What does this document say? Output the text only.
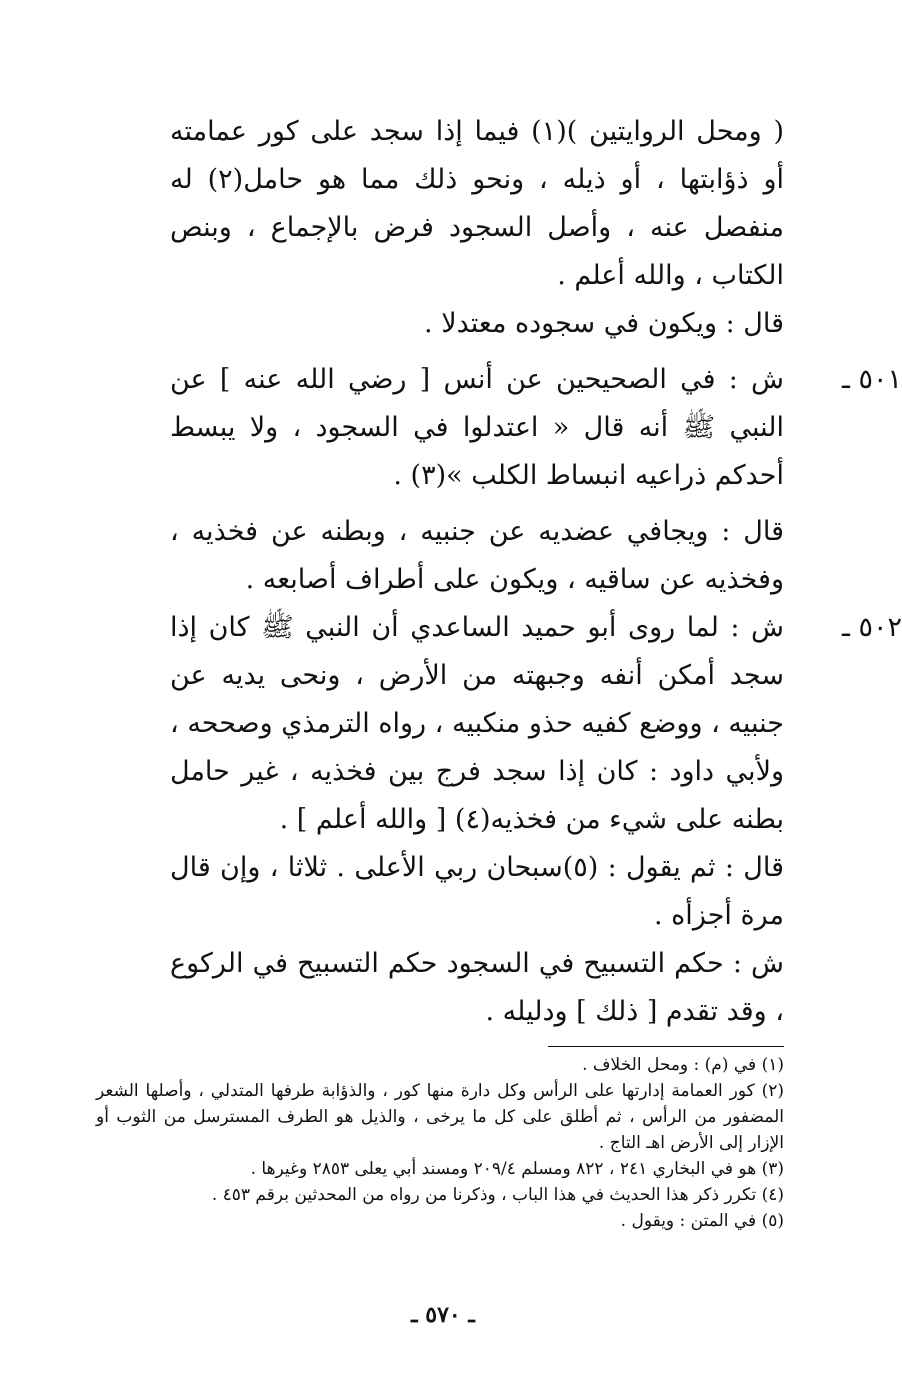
( ومحل الروايتين )(١) فيما إذا سجد على كور عمامته أو ذؤابتها ، أو ذيله ، ونحو ذلك مما هو حامل(٢) له منفصل عنه ، وأصل السجود فرض بالإجماع ، وبنص الكتاب ، والله أعلم .

قال : ويكون في سجوده معتدلا .

٥٠١ ـ

ش : في الصحيحين عن أنس [ رضي الله عنه ] عن النبي ﷺ أنه قال « اعتدلوا في السجود ، ولا يبسط أحدكم ذراعيه انبساط الكلب »(٣) .

قال : ويجافي عضديه عن جنبيه ، وبطنه عن فخذيه ، وفخذيه عن ساقيه ، ويكون على أطراف أصابعه .

٥٠٢ ـ

ش : لما روى أبو حميد الساعدي أن النبي ﷺ كان إذا سجد أمكن أنفه وجبهته من الأرض ، ونحى يديه عن جنبيه ، ووضع كفيه حذو منكبيه ، رواه الترمذي وصححه ، ولأبي داود : كان إذا سجد فرج بين فخذيه ، غير حامل بطنه على شيء من فخذيه(٤) [ والله أعلم ] .

قال : ثم يقول : (٥)سبحان ربي الأعلى . ثلاثا ، وإن قال مرة أجزأه .

ش : حكم التسبيح في السجود حكم التسبيح في الركوع ، وقد تقدم [ ذلك ] ودليله .

(١) في (م) : ومحل الخلاف .

(٢) كور العمامة إدارتها على الرأس وكل دارة منها كور ، والذؤابة طرفها المتدلي ، وأصلها الشعر المضفور من الرأس ، ثم أطلق على كل ما يرخى ، والذيل هو الطرف المسترسل من الثوب أو الإزار إلى الأرض اهـ التاج .

(٣) هو في البخاري ٢٤١ ، ٨٢٢ ومسلم ٢٠٩/٤ ومسند أبي يعلى ٢٨٥٣ وغيرها .

(٤) تكرر ذكر هذا الحديث في هذا الباب ، وذكرنا من رواه من المحدثين برقم ٤٥٣ .

(٥) في المتن : ويقول .

ـ ٥٧٠ ـ
